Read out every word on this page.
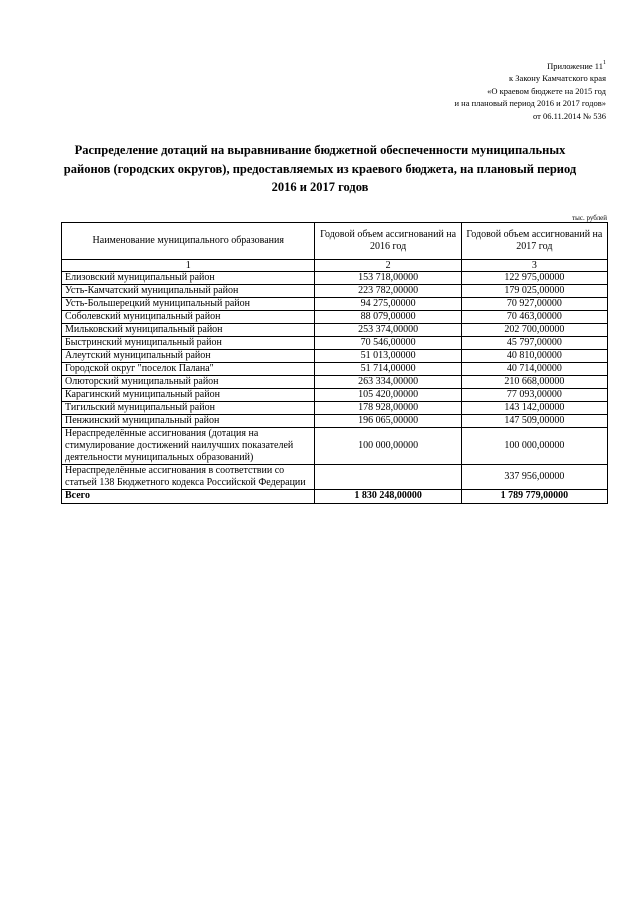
Приложение $11^1$
к Закону Камчатского края
«О краевом бюджете на 2015 год
и на плановый период 2016 и 2017 годов»
от 06.11.2014 № 536
Распределение дотаций на выравнивание бюджетной обеспеченности муниципальных районов (городских округов), предоставляемых из краевого бюджета, на плановый период 2016 и 2017 годов
тыс. рублей
Наименование муниципального образования	Годовой объем ассигнований на 2016 год	Годовой объем ассигнований на 2017 год
1	2	3
Елизовский муниципальный район	153 718,00000	122 975,00000
Усть-Камчатский муниципальный район	223 782,00000	179 025,00000
Усть-Большерецкий муниципальный район	94 275,00000	70 927,00000
Соболевский муниципальный район	88 079,00000	70 463,00000
Мильковский муниципальный район	253 374,00000	202 700,00000
Быстринский муниципальный район	70 546,00000	45 797,00000
Алеутский муниципальный район	51 013,00000	40 810,00000
Городской округ "поселок Палана"	51 714,00000	40 714,00000
Олюторский муниципальный район	263 334,00000	210 668,00000
Карагинский муниципальный район	105 420,00000	77 093,00000
Тигильский муниципальный район	178 928,00000	143 142,00000
Пенжинский муниципальный район	196 065,00000	147 509,00000
Нераспределённые ассигнования (дотация на стимулирование достижений наилучших показателей деятельности муниципальных образований)	100 000,00000	100 000,00000
Нераспределённые ассигнования в соответствии со статьей 138 Бюджетного кодекса Российской Федерации		337 956,00000
Всего	1 830 248,00000	1 789 779,00000
